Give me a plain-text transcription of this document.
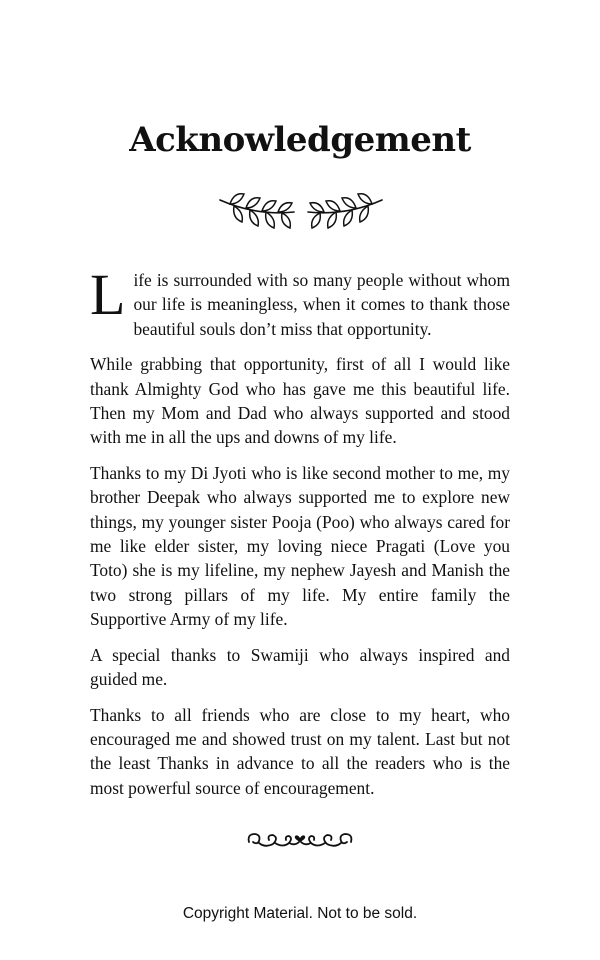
Acknowledgement

L ife is surrounded with so many people without whom our life is meaningless, when it comes to thank those beautiful souls don’t miss that opportunity.

While grabbing that opportunity, first of all I would like thank Almighty God who has gave me this beautiful life. Then my Mom and Dad who always supported and stood with me in all the ups and downs of my life.

Thanks to my Di Jyoti who is like second mother to me, my brother Deepak who always supported me to explore new things, my younger sister Pooja (Poo) who always cared for me like elder sister, my loving niece Pragati (Love you Toto) she is my lifeline, my nephew Jayesh and Manish the two strong pillars of my life. My entire family the Supportive Army of my life.

A special thanks to Swamiji who always inspired and guided me.

Thanks to all friends who are close to my heart, who encouraged me and showed trust on my talent. Last but not the least Thanks in advance to all the readers who is the most powerful source of encouragement.

Copyright Material. Not to be sold.
